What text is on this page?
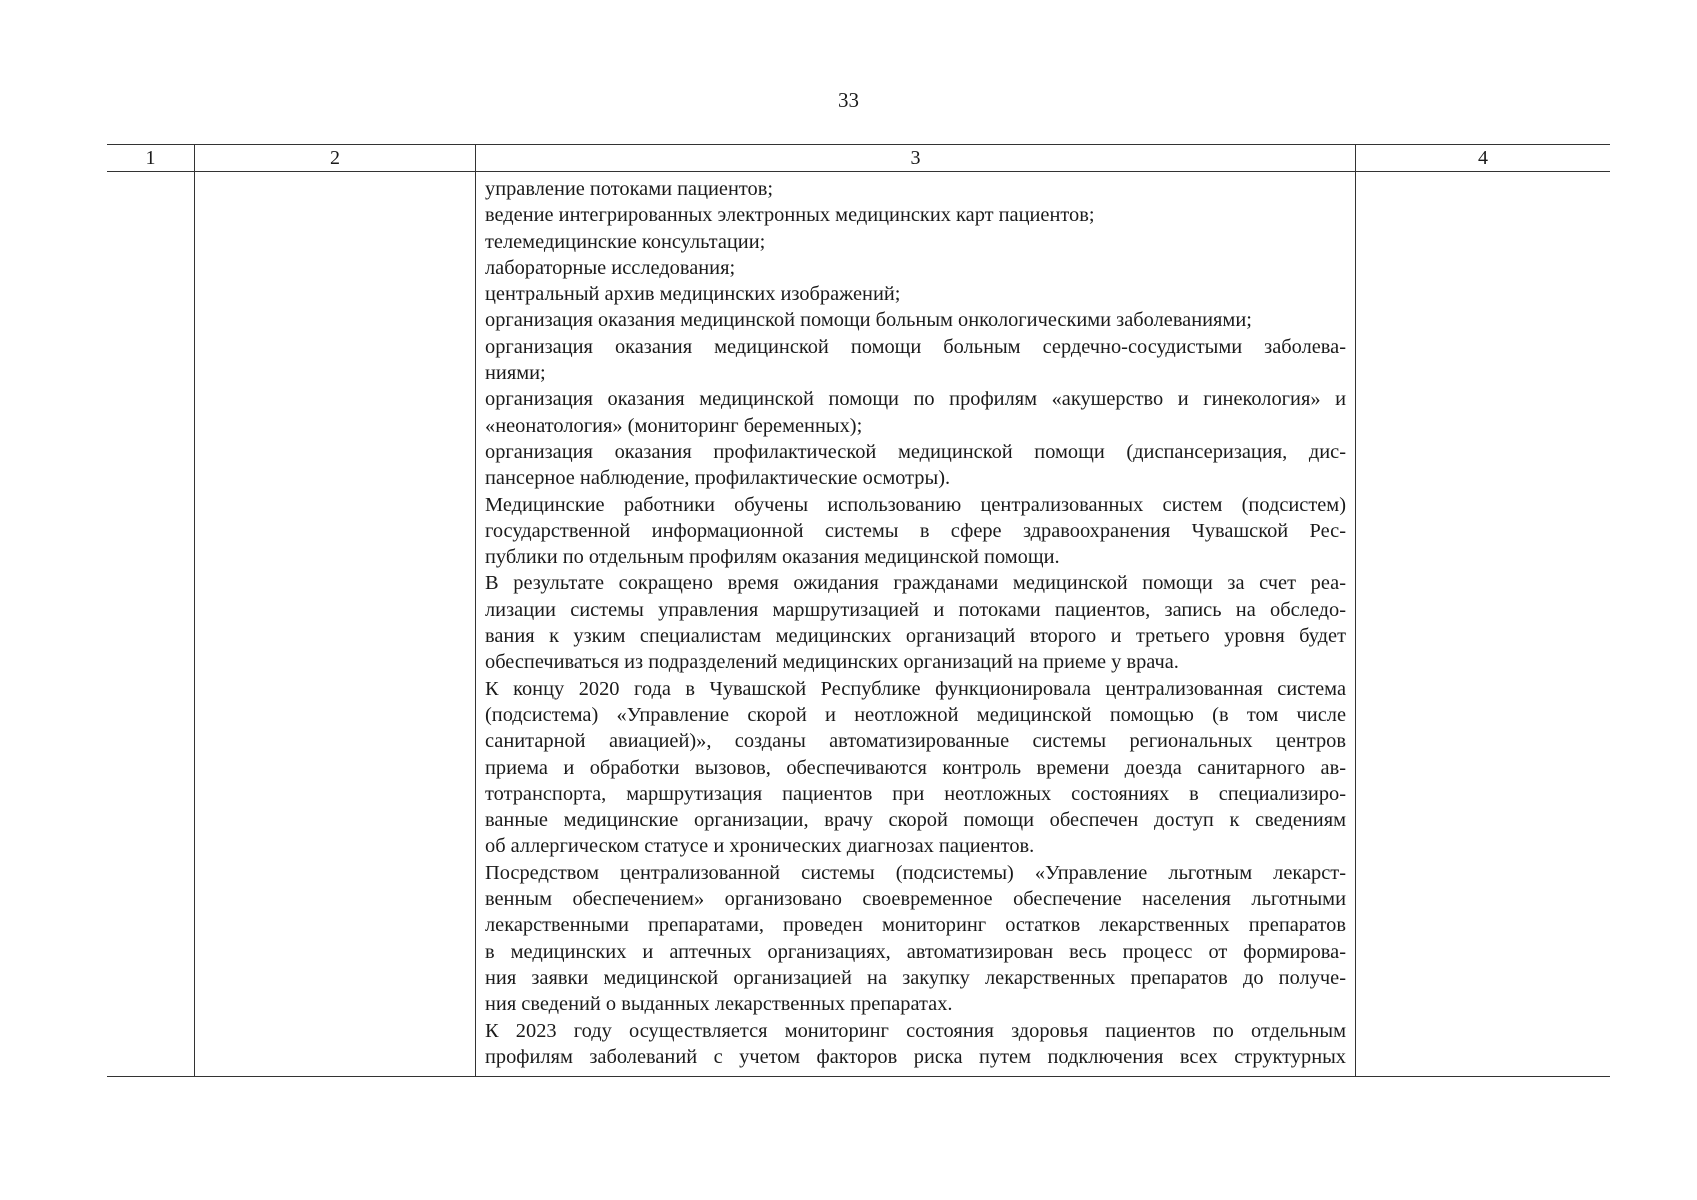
33
1	2	3	4
управление потоками пациентов;
ведение интегрированных электронных медицинских карт пациентов;
телемедицинские консультации;
лабораторные исследования;
центральный архив медицинских изображений;
организация оказания медицинской помощи больным онкологическими заболеваниями;
организация оказания медицинской помощи больным сердечно-сосудистыми заболева-
ниями;
организация оказания медицинской помощи по профилям «акушерство и гинекология» и
«неонатология» (мониторинг беременных);
организация оказания профилактической медицинской помощи (диспансеризация, дис-
пансерное наблюдение, профилактические осмотры).
Медицинские работники обучены использованию централизованных систем (подсистем)
государственной информационной системы в сфере здравоохранения Чувашской Рес-
публики по отдельным профилям оказания медицинской помощи.
В результате сокращено время ожидания гражданами медицинской помощи за счет реа-
лизации системы управления маршрутизацией и потоками пациентов, запись на обследо-
вания к узким специалистам медицинских организаций второго и третьего уровня будет
обеспечиваться из подразделений медицинских организаций на приеме у врача.
К концу 2020 года в Чувашской Республике функционировала централизованная система
(подсистема) «Управление скорой и неотложной медицинской помощью (в том числе
санитарной авиацией)», созданы автоматизированные системы региональных центров
приема и обработки вызовов, обеспечиваются контроль времени доезда санитарного ав-
тотранспорта, маршрутизация пациентов при неотложных состояниях в специализиро-
ванные медицинские организации, врачу скорой помощи обеспечен доступ к сведениям
об аллергическом статусе и хронических диагнозах пациентов.
Посредством централизованной системы (подсистемы) «Управление льготным лекарст-
венным обеспечением» организовано своевременное обеспечение населения льготными
лекарственными препаратами, проведен мониторинг остатков лекарственных препаратов
в медицинских и аптечных организациях, автоматизирован весь процесс от формирова-
ния заявки медицинской организацией на закупку лекарственных препаратов до получе-
ния сведений о выданных лекарственных препаратах.
К 2023 году осуществляется мониторинг состояния здоровья пациентов по отдельным
профилям заболеваний с учетом факторов риска путем подключения всех структурных
